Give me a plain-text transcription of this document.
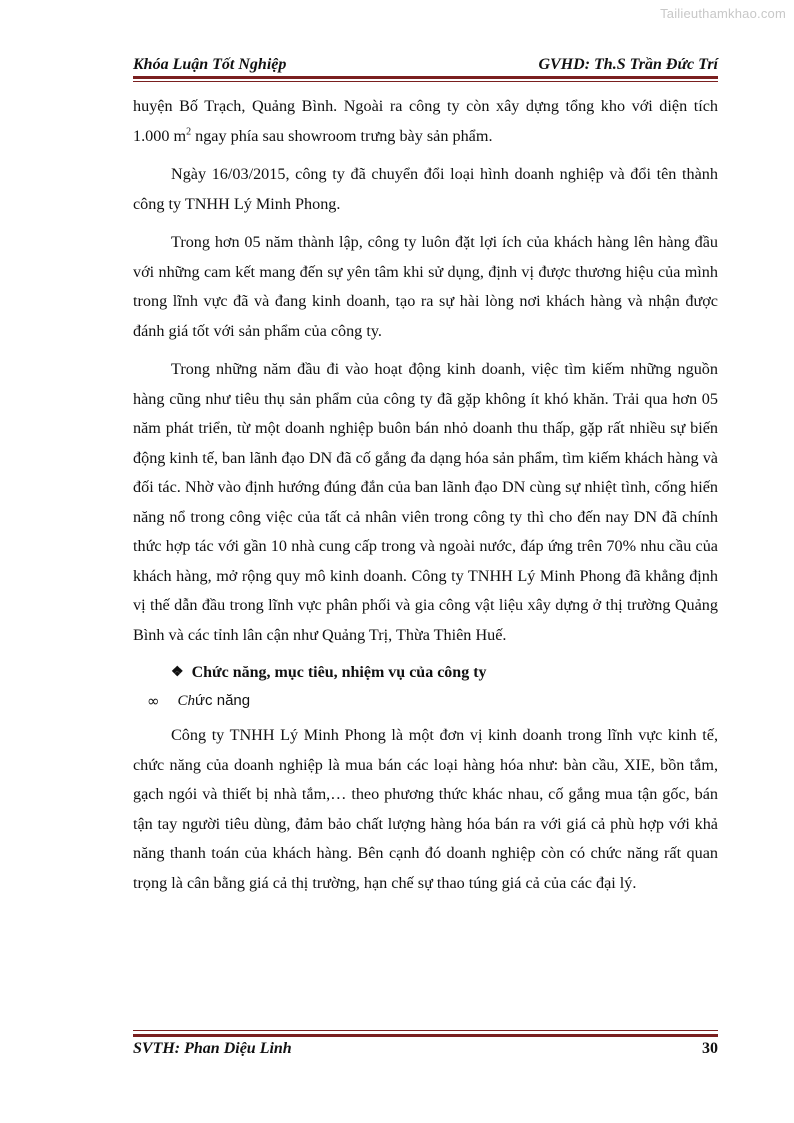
Tailieuthamkhao.com
Khóa Luận Tốt Nghiệp	GVHD: Th.S Trần Đức Trí

huyện Bố Trạch, Quảng Bình. Ngoài ra công ty còn xây dựng tổng kho với diện tích 1.000 $m^2$ ngay phía sau showroom trưng bày sản phẩm.

Ngày 16/03/2015, công ty đã chuyển đổi loại hình doanh nghiệp và đổi tên thành công ty TNHH Lý Minh Phong.

Trong hơn 05 năm thành lập, công ty luôn đặt lợi ích của khách hàng lên hàng đầu với những cam kết mang đến sự yên tâm khi sử dụng, định vị được thương hiệu của mình trong lĩnh vực đã và đang kinh doanh, tạo ra sự hài lòng nơi khách hàng và nhận được đánh giá tốt với sản phẩm của công ty.

Trong những năm đầu đi vào hoạt động kinh doanh, việc tìm kiếm những nguồn hàng cũng như tiêu thụ sản phẩm của công ty đã gặp không ít khó khăn. Trải qua hơn 05 năm phát triển, từ một doanh nghiệp buôn bán nhỏ doanh thu thấp, gặp rất nhiều sự biến động kinh tế, ban lãnh đạo DN đã cố gắng đa dạng hóa sản phẩm, tìm kiếm khách hàng và đối tác. Nhờ vào định hướng đúng đắn của ban lãnh đạo DN cùng sự nhiệt tình, cống hiến năng nổ trong công việc của tất cả nhân viên trong công ty thì cho đến nay DN đã chính thức hợp tác với gần 10 nhà cung cấp trong và ngoài nước, đáp ứng trên 70% nhu cầu của khách hàng, mở rộng quy mô kinh doanh. Công ty TNHH Lý Minh Phong đã khẳng định vị thế dẫn đầu trong lĩnh vực phân phối và gia công vật liệu xây dựng ở thị trường Quảng Bình và các tỉnh lân cận như Quảng Trị, Thừa Thiên Huế.

❖ Chức năng, mục tiêu, nhiệm vụ của công ty
∞ Chức năng

Công ty TNHH Lý Minh Phong là một đơn vị kinh doanh trong lĩnh vực kinh tế, chức năng của doanh nghiệp là mua bán các loại hàng hóa như: bàn cầu, XIE, bồn tắm, gạch ngói và thiết bị nhà tắm,… theo phương thức khác nhau, cố gắng mua tận gốc, bán tận tay người tiêu dùng, đảm bảo chất lượng hàng hóa bán ra với giá cả phù hợp với khả năng thanh toán của khách hàng. Bên cạnh đó doanh nghiệp còn có chức năng rất quan trọng là cân bằng giá cả thị trường, hạn chế sự thao túng giá cả của các đại lý.

SVTH: Phan Diệu Linh	30
